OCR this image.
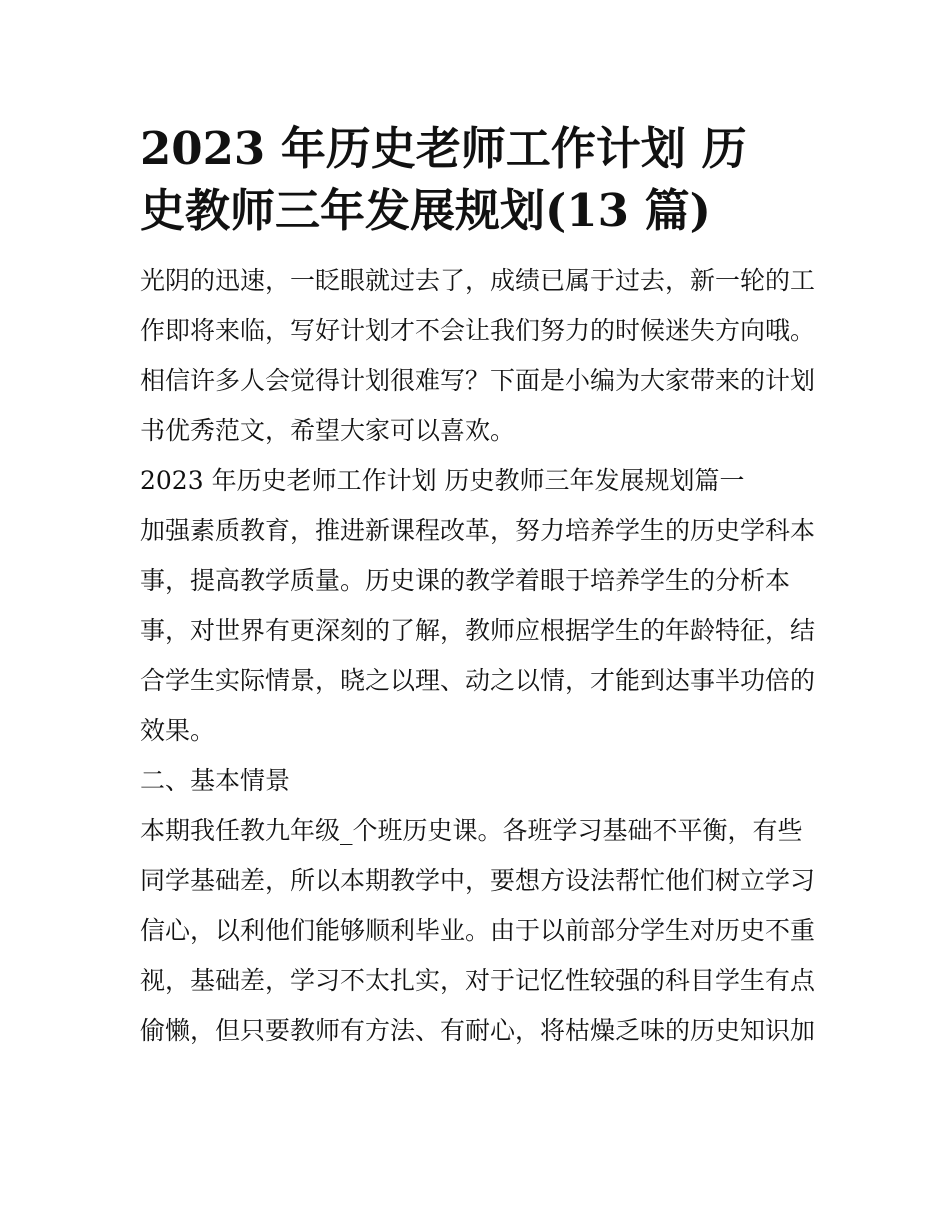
2023 年历史老师工作计划 历
史教师三年发展规划(13 篇)

光阴的迅速，一眨眼就过去了，成绩已属于过去，新一轮的工
作即将来临，写好计划才不会让我们努力的时候迷失方向哦。
相信许多人会觉得计划很难写？下面是小编为大家带来的计划
书优秀范文，希望大家可以喜欢。

2023 年历史老师工作计划 历史教师三年发展规划篇一

加强素质教育，推进新课程改革，努力培养学生的历史学科本
事，提高教学质量。历史课的教学着眼于培养学生的分析本
事，对世界有更深刻的了解，教师应根据学生的年龄特征，结
合学生实际情景，晓之以理、动之以情，才能到达事半功倍的
效果。

二、基本情景

本期我任教九年级_个班历史课。各班学习基础不平衡，有些
同学基础差，所以本期教学中，要想方设法帮忙他们树立学习
信心，以利他们能够顺利毕业。由于以前部分学生对历史不重
视，基础差，学习不太扎实，对于记忆性较强的科目学生有点
偷懒，但只要教师有方法、有耐心，将枯燥乏味的历史知识加
